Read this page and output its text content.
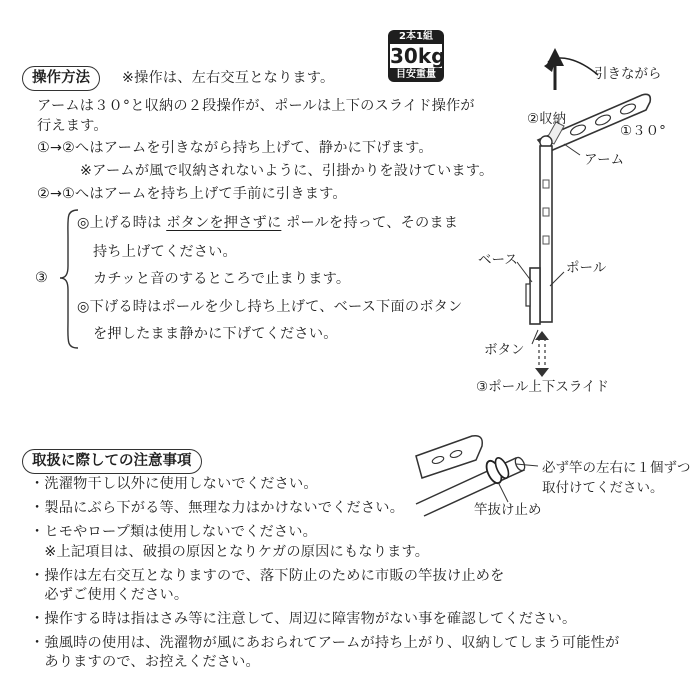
操作方法	※操作は、左右交互となります。
2本1組
30kg
目安重量
アームは３０°と収納の２段操作が、ポールは上下のスライド操作が
行えます。
①→②へはアームを引きながら持ち上げて、静かに下げます。
※アームが風で収納されないように、引掛かりを設けています。
②→①へはアームを持ち上げて手前に引きます。
③
◎上げる時は ボタンを押さずに ポールを持って、そのまま
持ち上げてください。
カチッと音のするところで止まります。
◎下げる時はポールを少し持ち上げて、ベース下面のボタン
を押したまま静かに下げてください。
引きながら
②収納
①３０°
アーム
ベース	ポール
ボタン
③ポール上下スライド
取扱に際しての注意事項
・洗濯物干し以外に使用しないでください。
・製品にぶら下がる等、無理な力はかけないでください。
・ヒモやロープ類は使用しないでください。
　※上記項目は、破損の原因となりケガの原因にもなります。
・操作は左右交互となりますので、落下防止のために市販の竿抜け止めを
　必ずご使用ください。
・操作する時は指はさみ等に注意して、周辺に障害物がない事を確認してください。
・強風時の使用は、洗濯物が風にあおられてアームが持ち上がり、収納してしまう可能性が
　ありますので、お控えください。
必ず竿の左右に１個ずつ
取付けてください。
竿抜け止め
